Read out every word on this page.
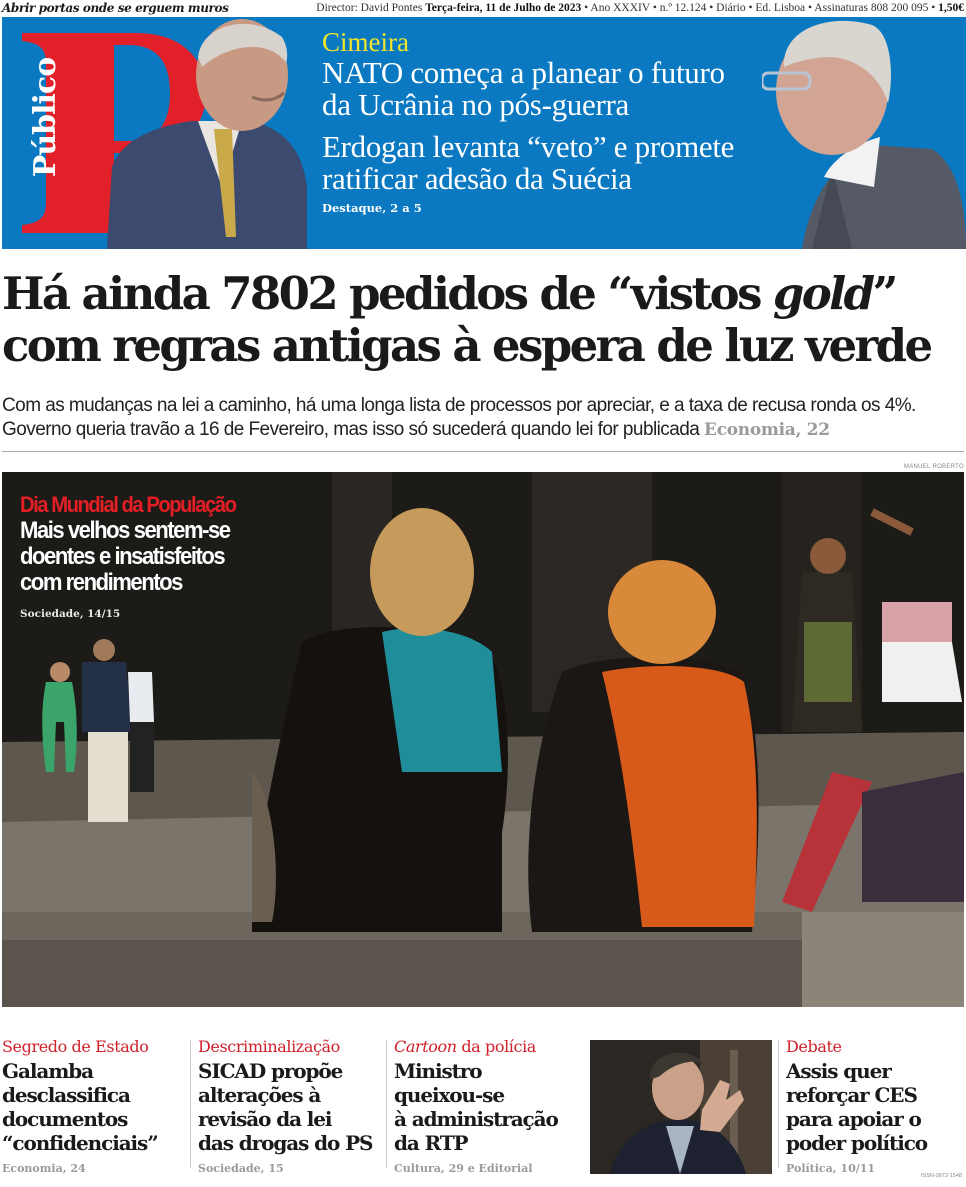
Abrir portas onde se erguem muros	Director: David Pontes Terça-feira, 11 de Julho de 2023 • Ano XXXIV • n.º 12.124 • Diário • Ed. Lisboa • Assinaturas 808 200 095 • 1,50€
Público
Cimeira
NATO começa a planear o futuro
da Ucrânia no pós-guerra
Erdogan levanta “veto” e promete
ratificar adesão da Suécia
Destaque, 2 a 5
Há ainda 7802 pedidos de “vistos gold”
com regras antigas à espera de luz verde

Com as mudanças na lei a caminho, há uma longa lista de processos por apreciar, e a taxa de recusa ronda os 4%. Governo queria travão a 16 de Fevereiro, mas isso só sucederá quando lei for publicada Economia, 22

MANUEL ROBERTO
Dia Mundial da População
Mais velhos sentem-se
doentes e insatisfeitos
com rendimentos
Sociedade, 14/15
Segredo de Estado
Galamba
desclassifica
documentos
“confidenciais”
Economia, 24
Descriminalização
SICAD propõe
alterações à
revisão da lei
das drogas do PS
Sociedade, 15
Cartoon da polícia
Ministro
queixou-se
à administração
da RTP
Cultura, 29 e Editorial
Debate
Assis quer
reforçar CES
para apoiar o
poder político
Política, 10/11
ISSN-0872-1548
